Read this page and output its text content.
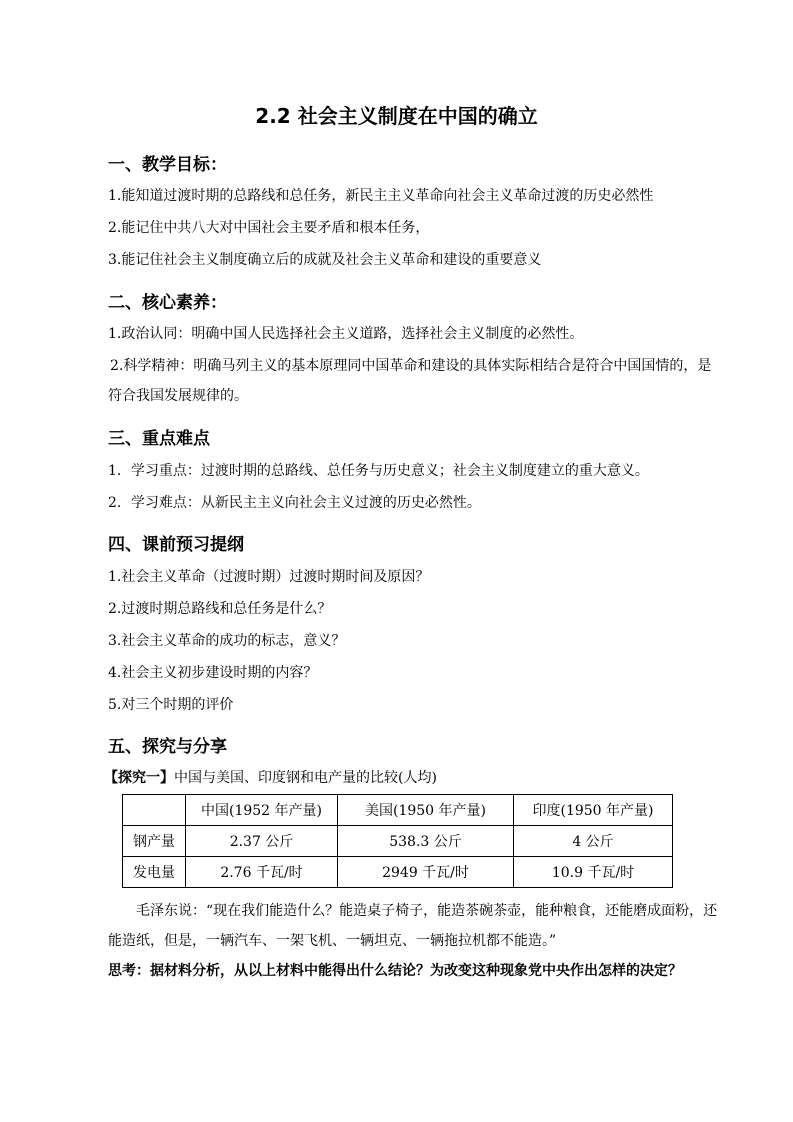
2.2 社会主义制度在中国的确立
一、教学目标：
1.能知道过渡时期的总路线和总任务，新民主主义革命向社会主义革命过渡的历史必然性
2.能记住中共八大对中国社会主要矛盾和根本任务，
3.能记住社会主义制度确立后的成就及社会主义革命和建设的重要意义
二、核心素养：
1.政治认同：明确中国人民选择社会主义道路，选择社会主义制度的必然性。
2.科学精神：明确马列主义的基本原理同中国革命和建设的具体实际相结合是符合中国国情的，是符合我国发展规律的。
三、重点难点
1．学习重点：过渡时期的总路线、总任务与历史意义；社会主义制度建立的重大意义。
2．学习难点：从新民主主义向社会主义过渡的历史必然性。
四、课前预习提纲
1.社会主义革命（过渡时期）过渡时期时间及原因？
2.过渡时期总路线和总任务是什么？
3.社会主义革命的成功的标志，意义？
4.社会主义初步建设时期的内容？
5.对三个时期的评价
五、探究与分享
【探究一】中国与美国、印度钢和电产量的比较(人均)
	中国(1952 年产量)	美国(1950 年产量)	印度(1950 年产量)
钢产量	2.37 公斤	538.3 公斤	4 公斤
发电量	2.76 千瓦/时	2949 千瓦/时	10.9 千瓦/时
毛泽东说：“现在我们能造什么？能造桌子椅子，能造茶碗茶壶，能种粮食，还能磨成面粉，还能造纸，但是，一辆汽车、一架飞机、一辆坦克、一辆拖拉机都不能造。”
思考：据材料分析，从以上材料中能得出什么结论？为改变这种现象党中央作出怎样的决定？
